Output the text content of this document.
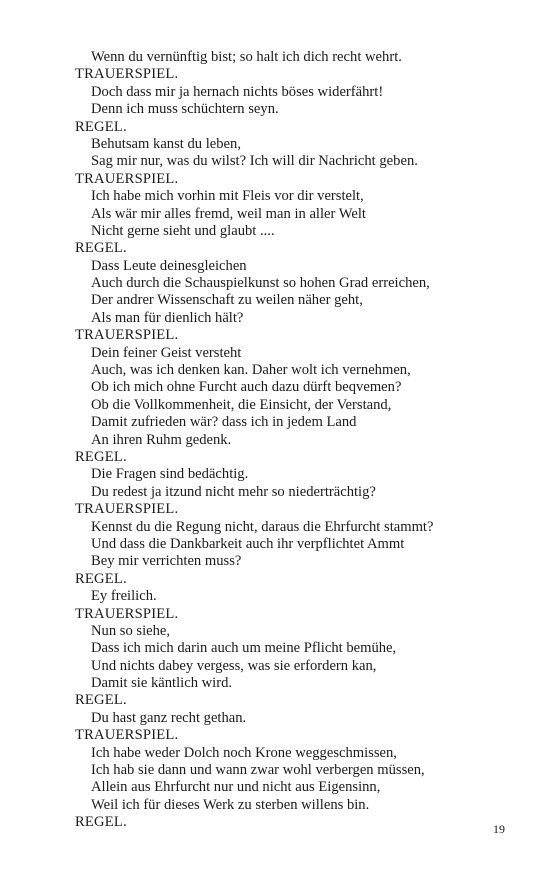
Wenn du vernünftig bist; so halt ich dich recht wehrt.
TRAUERSPIEL.
Doch dass mir ja hernach nichts böses widerfährt!
Denn ich muss schüchtern seyn.
REGEL.
Behutsam kanst du leben,
Sag mir nur, was du wilst? Ich will dir Nachricht geben.
TRAUERSPIEL.
Ich habe mich vorhin mit Fleis vor dir verstelt,
Als wär mir alles fremd, weil man in aller Welt
Nicht gerne sieht und glaubt ....
REGEL.
Dass Leute deinesgleichen
Auch durch die Schauspielkunst so hohen Grad erreichen,
Der andrer Wissenschaft zu weilen näher geht,
Als man für dienlich hält?
TRAUERSPIEL.
Dein feiner Geist versteht
Auch, was ich denken kan. Daher wolt ich vernehmen,
Ob ich mich ohne Furcht auch dazu dürft beqvemen?
Ob die Vollkommenheit, die Einsicht, der Verstand,
Damit zufrieden wär? dass ich in jedem Land
An ihren Ruhm gedenk.
REGEL.
Die Fragen sind bedächtig.
Du redest ja itzund nicht mehr so niederträchtig?
TRAUERSPIEL.
Kennst du die Regung nicht, daraus die Ehrfurcht stammt?
Und dass die Dankbarkeit auch ihr verpflichtet Ammt
Bey mir verrichten muss?
REGEL.
Ey freilich.
TRAUERSPIEL.
Nun so siehe,
Dass ich mich darin auch um meine Pflicht bemühe,
Und nichts dabey vergess, was sie erfordern kan,
Damit sie käntlich wird.
REGEL.
Du hast ganz recht gethan.
TRAUERSPIEL.
Ich habe weder Dolch noch Krone weggeschmissen,
Ich hab sie dann und wann zwar wohl verbergen müssen,
Allein aus Ehrfurcht nur und nicht aus Eigensinn,
Weil ich für dieses Werk zu sterben willens bin.
REGEL.	19
